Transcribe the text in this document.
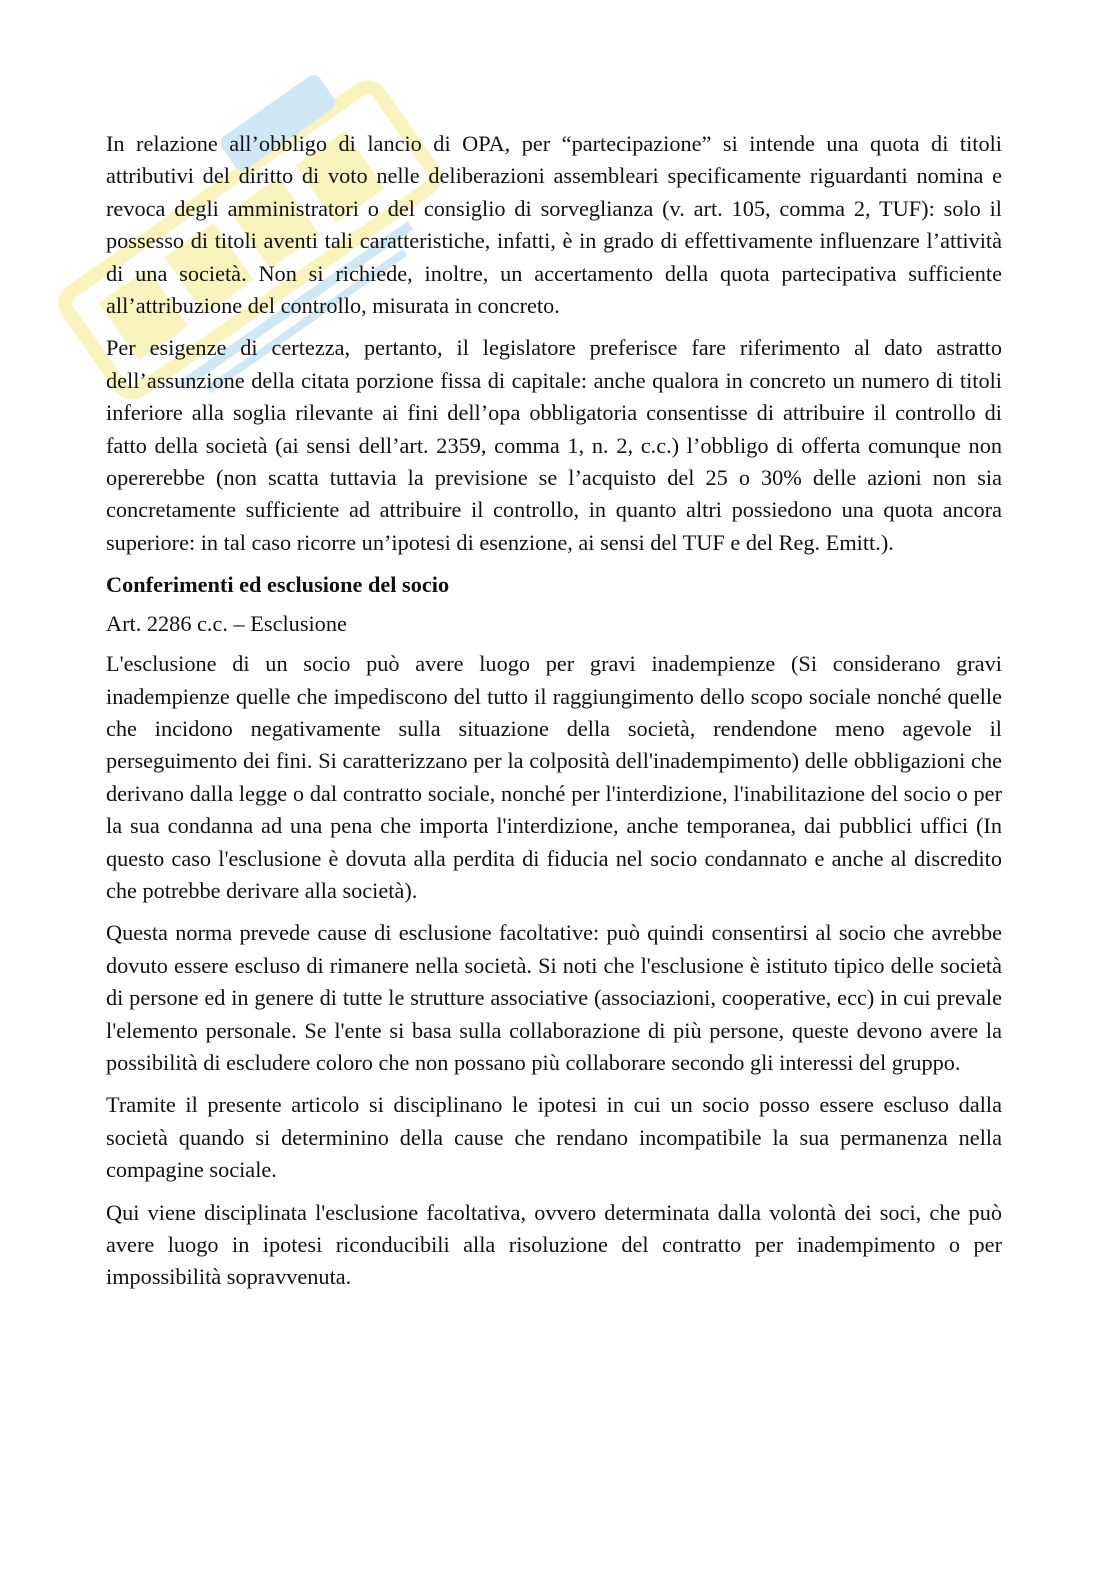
In relazione all’obbligo di lancio di OPA, per “partecipazione” si intende una quota di titoli attributivi del diritto di voto nelle deliberazioni assembleari specificamente riguardanti nomina e revoca degli amministratori o del consiglio di sorveglianza (v. art. 105, comma 2, TUF): solo il possesso di titoli aventi tali caratteristiche, infatti, è in grado di effettivamente influenzare l’attività di una società. Non si richiede, inoltre, un accertamento della quota partecipativa sufficiente all’attribuzione del controllo, misurata in concreto.

Per esigenze di certezza, pertanto, il legislatore preferisce fare riferimento al dato astratto dell’assunzione della citata porzione fissa di capitale: anche qualora in concreto un numero di titoli inferiore alla soglia rilevante ai fini dell’opa obbligatoria consentisse di attribuire il controllo di fatto della società (ai sensi dell’art. 2359, comma 1, n. 2, c.c.) l’obbligo di offerta comunque non opererebbe (non scatta tuttavia la previsione se l’acquisto del 25 o 30% delle azioni non sia concretamente sufficiente ad attribuire il controllo, in quanto altri possiedono una quota ancora superiore: in tal caso ricorre un’ipotesi di esenzione, ai sensi del TUF e del Reg. Emitt.).

Conferimenti ed esclusione del socio

Art. 2286 c.c. – Esclusione

L'esclusione di un socio può avere luogo per gravi inadempienze (Si considerano gravi inadempienze quelle che impediscono del tutto il raggiungimento dello scopo sociale nonché quelle che incidono negativamente sulla situazione della società, rendendone meno agevole il perseguimento dei fini. Si caratterizzano per la colposità dell'inadempimento) delle obbligazioni che derivano dalla legge o dal contratto sociale, nonché per l'interdizione, l'inabilitazione del socio o per la sua condanna ad una pena che importa l'interdizione, anche temporanea, dai pubblici uffici (In questo caso l'esclusione è dovuta alla perdita di fiducia nel socio condannato e anche al discredito che potrebbe derivare alla società).

Questa norma prevede cause di esclusione facoltative: può quindi consentirsi al socio che avrebbe dovuto essere escluso di rimanere nella società. Si noti che l'esclusione è istituto tipico delle società di persone ed in genere di tutte le strutture associative (associazioni, cooperative, ecc) in cui prevale l'elemento personale. Se l'ente si basa sulla collaborazione di più persone, queste devono avere la possibilità di escludere coloro che non possano più collaborare secondo gli interessi del gruppo.

Tramite il presente articolo si disciplinano le ipotesi in cui un socio posso essere escluso dalla società quando si determinino della cause che rendano incompatibile la sua permanenza nella compagine sociale.

Qui viene disciplinata l'esclusione facoltativa, ovvero determinata dalla volontà dei soci, che può avere luogo in ipotesi riconducibili alla risoluzione del contratto per inadempimento o per impossibilità sopravvenuta.
